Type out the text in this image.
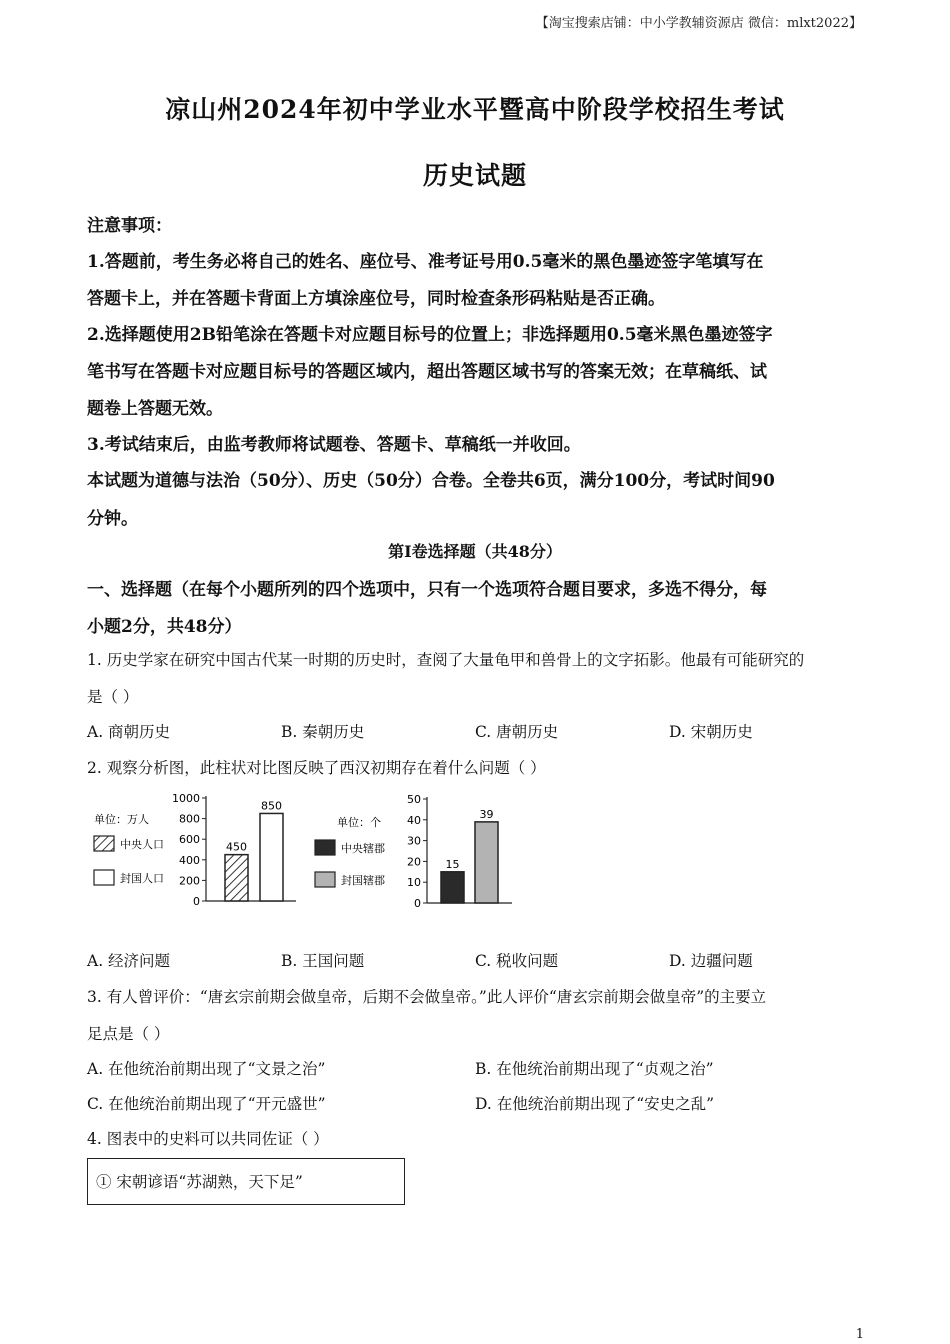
【淘宝搜索店铺：中小学教辅资源店 微信：mlxt2022】
凉山州2024年初中学业水平暨高中阶段学校招生考试
历史试题
注意事项：
1.答题前，考生务必将自己的姓名、座位号、准考证号用0.5毫米的黑色墨迹签字笔填写在
答题卡上，并在答题卡背面上方填涂座位号，同时检查条形码粘贴是否正确。
2.选择题使用2B铅笔涂在答题卡对应题目标号的位置上；非选择题用0.5毫米黑色墨迹签字
笔书写在答题卡对应题目标号的答题区域内，超出答题区域书写的答案无效；在草稿纸、试
题卷上答题无效。
3.考试结束后，由监考教师将试题卷、答题卡、草稿纸一并收回。
本试题为道德与法治（50分）、历史（50分）合卷。全卷共6页，满分100分，考试时间90
分钟。
第Ⅰ卷选择题（共48分）
一、选择题（在每个小题所列的四个选项中，只有一个选项符合题目要求，多选不得分，每
小题2分，共48分）
1. 历史学家在研究中国古代某一时期的历史时，查阅了大量龟甲和兽骨上的文字拓影。他最有可能研究的
是（ ）
A. 商朝历史	B. 秦朝历史	C. 唐朝历史	D. 宋朝历史
2. 观察分析图，此柱状对比图反映了西汉初期存在着什么问题（ ）
单位：万人
中央人口
封国人口
0
200
400
600
800
1000
450
850
单位：个
中央辖郡
封国辖郡
0
10
20
30
40
50
15
39
A. 经济问题	B. 王国问题	C. 税收问题	D. 边疆问题
3. 有人曾评价：“唐玄宗前期会做皇帝，后期不会做皇帝。”此人评价“唐玄宗前期会做皇帝”的主要立
足点是（ ）
A. 在他统治前期出现了“文景之治”	B. 在他统治前期出现了“贞观之治”
C. 在他统治前期出现了“开元盛世”	D. 在他统治前期出现了“安史之乱”
4. 图表中的史料可以共同佐证（ ）
① 宋朝谚语“苏湖熟，天下足”
1
